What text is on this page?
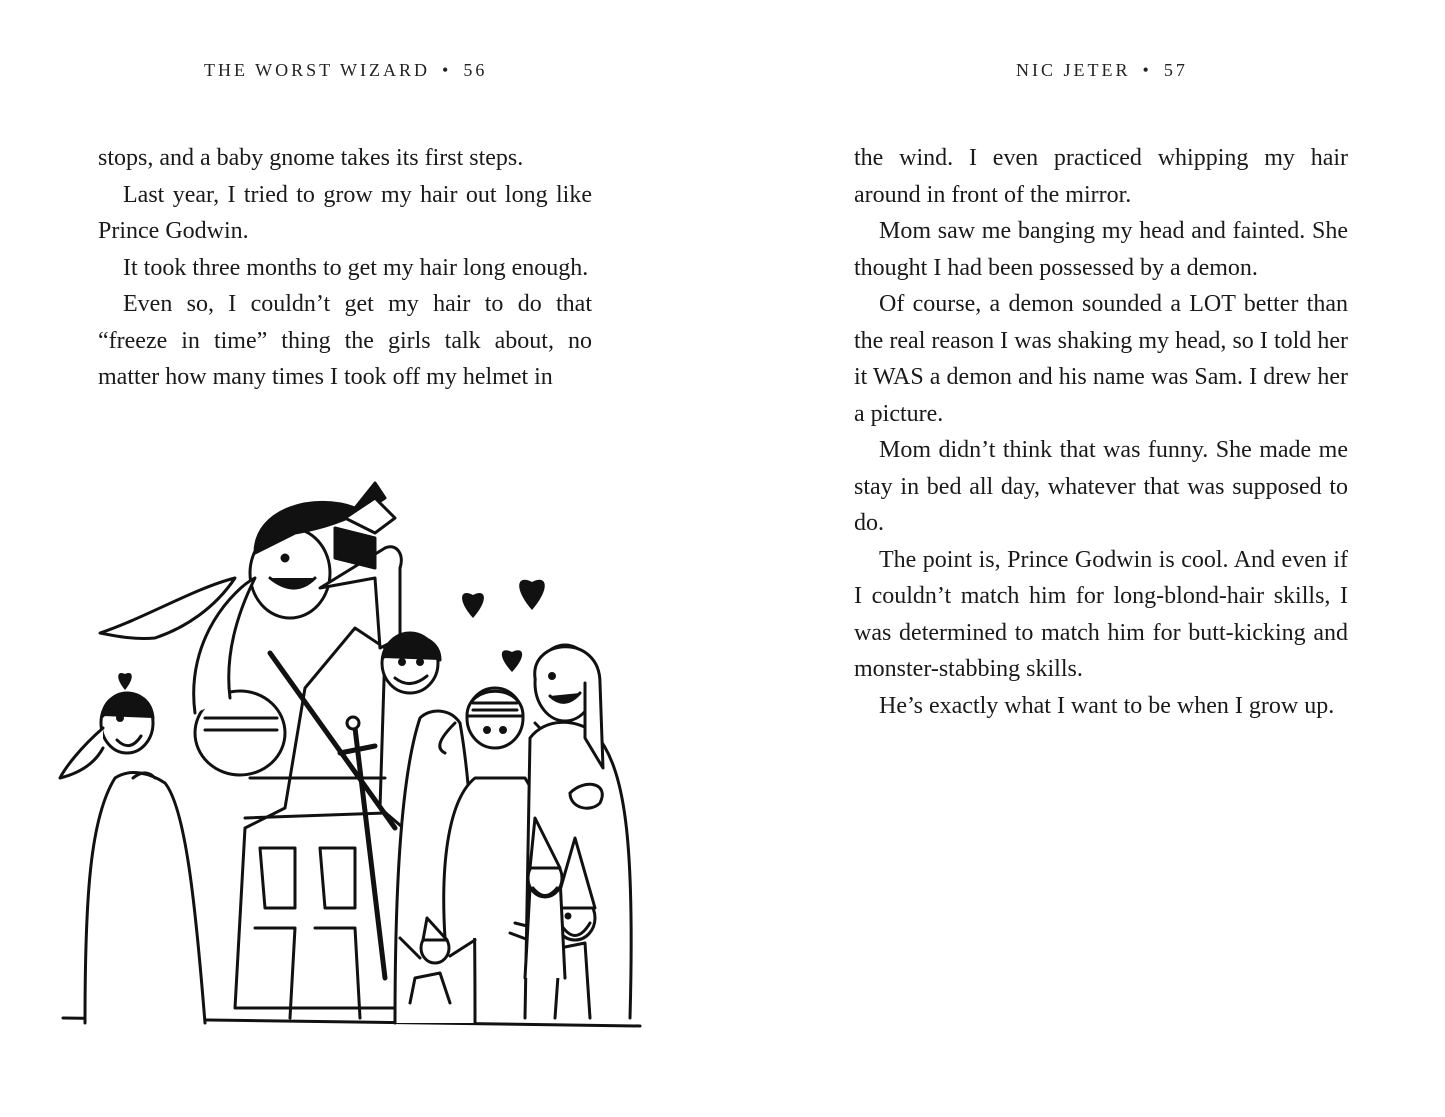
THE WORST WIZARD • 56

stops, and a baby gnome takes its first steps.

Last year, I tried to grow my hair out long like Prince Godwin.

It took three months to get my hair long enough.

Even so, I couldn’t get my hair to do that “freeze in time” thing the girls talk about, no matter how many times I took off my helmet in

NIC JETER • 57

the wind. I even practiced whipping my hair around in front of the mirror.

Mom saw me banging my head and fainted. She thought I had been possessed by a demon.

Of course, a demon sounded a LOT better than the real reason I was shaking my head, so I told her it WAS a demon and his name was Sam. I drew her a picture.

Mom didn’t think that was funny. She made me stay in bed all day, whatever that was supposed to do.

The point is, Prince Godwin is cool. And even if I couldn’t match him for long-blond-hair skills, I was determined to match him for butt-kicking and monster-stabbing skills.

He’s exactly what I want to be when I grow up.
